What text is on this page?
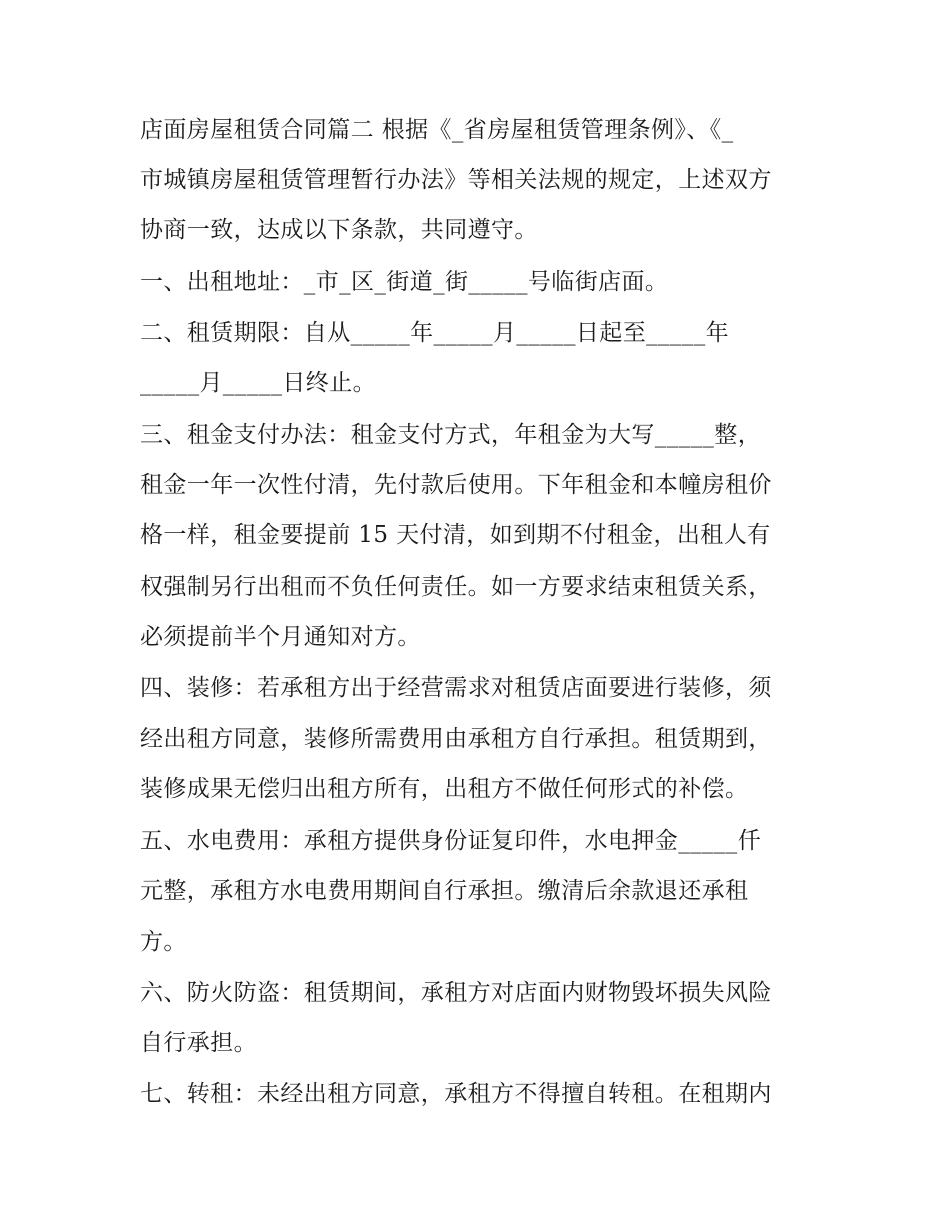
店面房屋租赁合同篇二 根据《_省房屋租赁管理条例》、《_
市城镇房屋租赁管理暂行办法》等相关法规的规定，上述双方
协商一致，达成以下条款，共同遵守。
一、出租地址：_市_区_街道_街_____号临街店面。
二、租赁期限：自从_____年_____月_____日起至_____年
_____月_____日终止。
三、租金支付办法：租金支付方式，年租金为大写_____整，
租金一年一次性付清，先付款后使用。下年租金和本幢房租价
格一样，租金要提前 15 天付清，如到期不付租金，出租人有
权强制另行出租而不负任何责任。如一方要求结束租赁关系，
必须提前半个月通知对方。
四、装修：若承租方出于经营需求对租赁店面要进行装修，须
经出租方同意，装修所需费用由承租方自行承担。租赁期到，
装修成果无偿归出租方所有，出租方不做任何形式的补偿。
五、水电费用：承租方提供身份证复印件，水电押金_____仟
元整，承租方水电费用期间自行承担。缴清后余款退还承租
方。
六、防火防盗：租赁期间，承租方对店面内财物毁坏损失风险
自行承担。
七、转租：未经出租方同意，承租方不得擅自转租。在租期内
